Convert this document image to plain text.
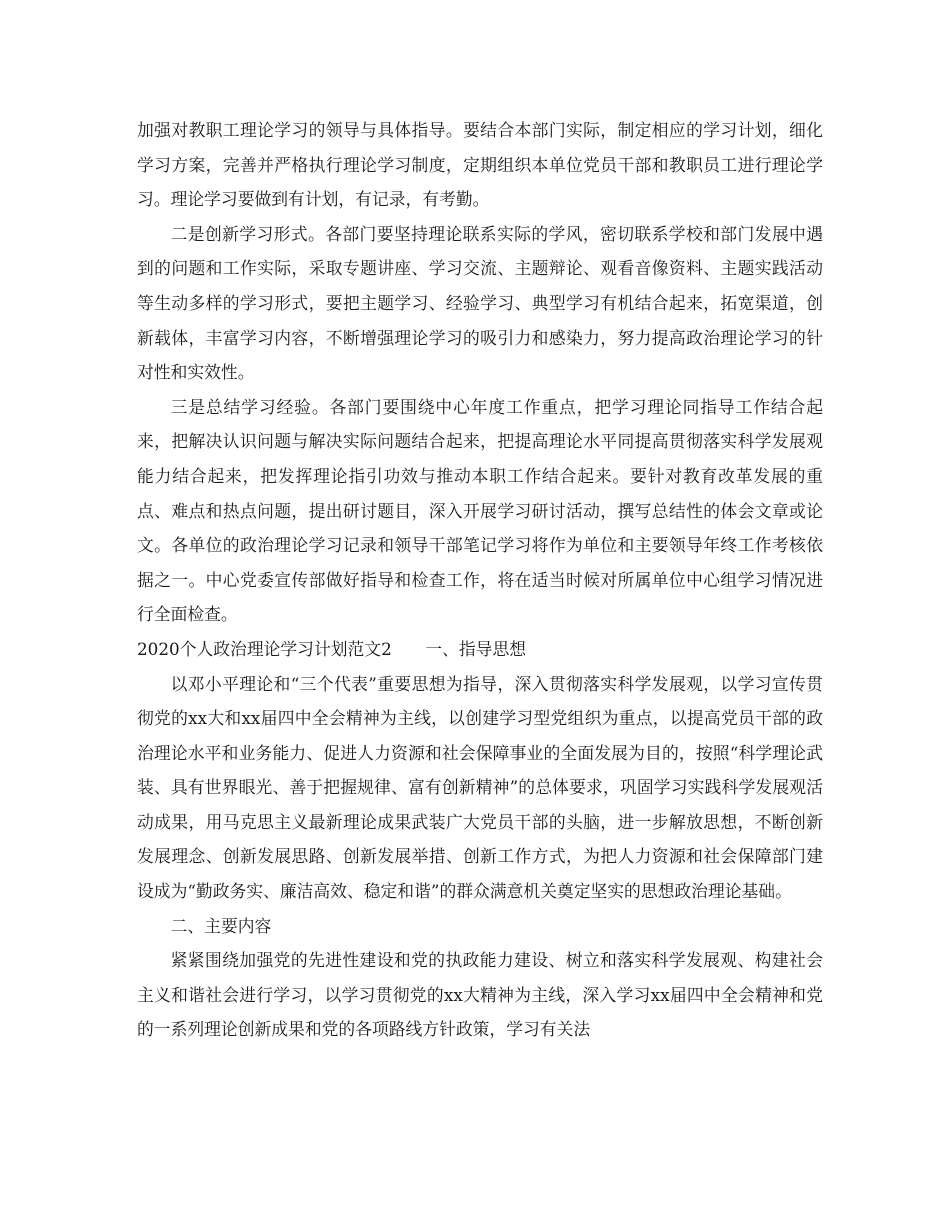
加强对教职工理论学习的领导与具体指导。要结合本部门实际，制定相应的学习计划，细化学习方案，完善并严格执行理论学习制度，定期组织本单位党员干部和教职员工进行理论学习。理论学习要做到有计划，有记录，有考勤。

二是创新学习形式。各部门要坚持理论联系实际的学风，密切联系学校和部门发展中遇到的问题和工作实际，采取专题讲座、学习交流、主题辩论、观看音像资料、主题实践活动等生动多样的学习形式，要把主题学习、经验学习、典型学习有机结合起来，拓宽渠道，创新载体，丰富学习内容，不断增强理论学习的吸引力和感染力，努力提高政治理论学习的针对性和实效性。

三是总结学习经验。各部门要围绕中心年度工作重点，把学习理论同指导工作结合起来，把解决认识问题与解决实际问题结合起来，把提高理论水平同提高贯彻落实科学发展观能力结合起来，把发挥理论指引功效与推动本职工作结合起来。要针对教育改革发展的重点、难点和热点问题，提出研讨题目，深入开展学习研讨活动，撰写总结性的体会文章或论文。各单位的政治理论学习记录和领导干部笔记学习将作为单位和主要领导年终工作考核依据之一。中心党委宣传部做好指导和检查工作，将在适当时候对所属单位中心组学习情况进行全面检查。

2020个人政治理论学习计划范文2　　一、指导思想

以邓小平理论和“三个代表”重要思想为指导，深入贯彻落实科学发展观，以学习宣传贯彻党的xx大和xx届四中全会精神为主线，以创建学习型党组织为重点，以提高党员干部的政治理论水平和业务能力、促进人力资源和社会保障事业的全面发展为目的，按照“科学理论武装、具有世界眼光、善于把握规律、富有创新精神”的总体要求，巩固学习实践科学发展观活动成果，用马克思主义最新理论成果武装广大党员干部的头脑，进一步解放思想，不断创新发展理念、创新发展思路、创新发展举措、创新工作方式，为把人力资源和社会保障部门建设成为“勤政务实、廉洁高效、稳定和谐”的群众满意机关奠定坚实的思想政治理论基础。

二、主要内容

紧紧围绕加强党的先进性建设和党的执政能力建设、树立和落实科学发展观、构建社会主义和谐社会进行学习，以学习贯彻党的xx大精神为主线，深入学习xx届四中全会精神和党的一系列理论创新成果和党的各项路线方针政策，学习有关法
